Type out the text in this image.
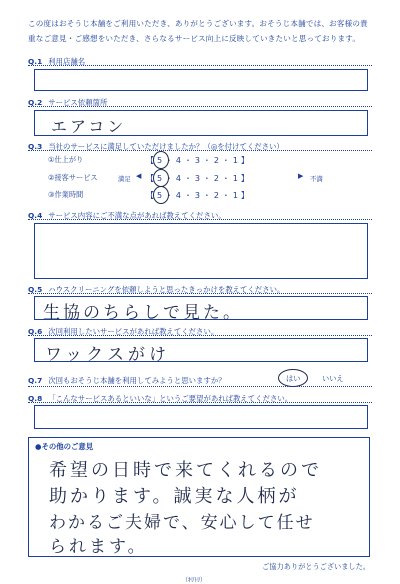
この度はおそうじ本舗をご利用いただき、ありがとうございます。おそうじ本舗では、お客様の貴重なご意見・ご感想をいただき、さらなるサービス向上に反映していきたいと思っております。
Q.1 利用店舗名
Q.2 サービス依頼箇所
エアコン
Q.3 当社のサービスに満足していただけましたか？（◎を付けてください）
①仕上がり	【 5 ・ 4 ・ 3 ・ 2 ・ 1 】
②接客サービス	満足 ◀ 【 5 ・ 4 ・ 3 ・ 2 ・ 1 】	▶ 不満
③作業時間	【 5 ・ 4 ・ 3 ・ 2 ・ 1 】
Q.4 サービス内容にご不満な点があれば教えてください。
Q.5 ハウスクリーニングを依頼しようと思ったきっかけを教えてください。
生協のちらしで見た。
Q.6 次回利用したいサービスがあれば教えてください。
ワックスがけ
Q.7 次回もおそうじ本舗を利用してみようと思いますか？	はい	いいえ
Q.8 「こんなサービスあるといいな」というご要望があれば教えてください。
●その他のご意見
希望の日時で来てくれるので
助かります。誠実な人柄が
わかるご夫婦で、安心して任せ
られます。
ご協力ありがとうございました。
（ｷﾘﾄﾘ）
